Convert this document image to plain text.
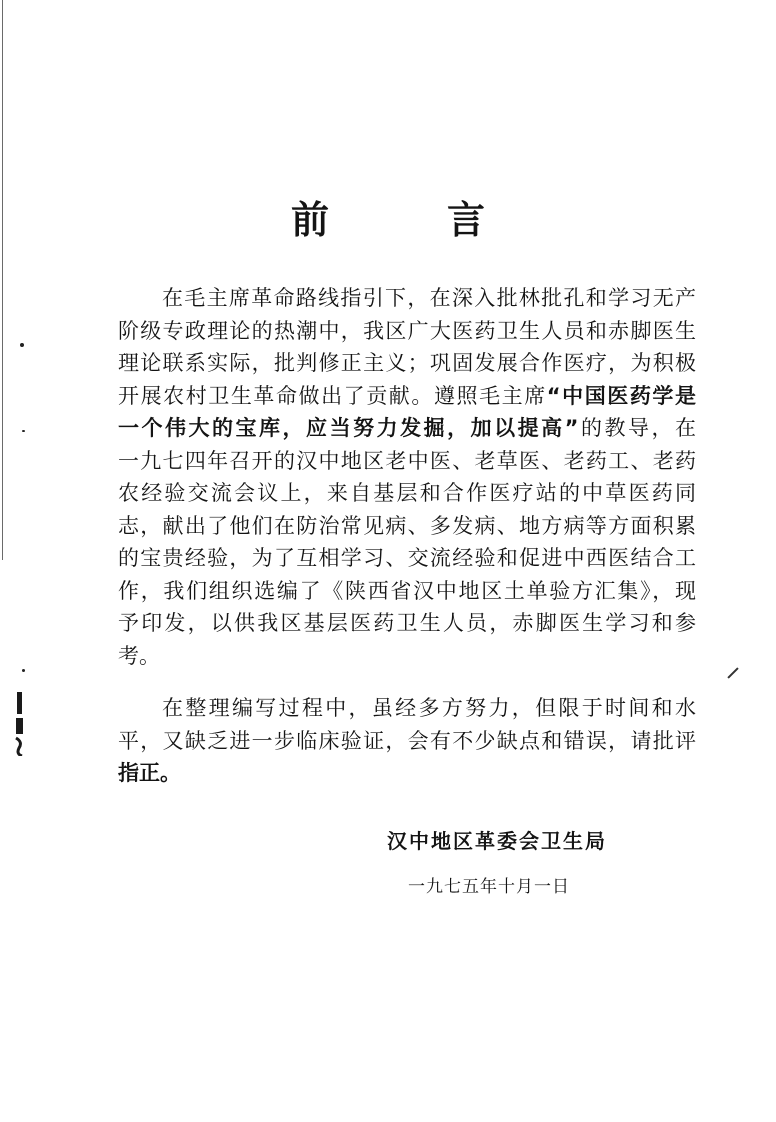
前	言
在毛主席革命路线指引下，在深入批林批孔和学习无产
阶级专政理论的热潮中，我区广大医药卫生人员和赤脚医生
理论联系实际，批判修正主义；巩固发展合作医疗，为积极
开展农村卫生革命做出了贡献。遵照毛主席“中国医药学是
一个伟大的宝库，应当努力发掘，加以提高”的教导，在
一九七四年召开的汉中地区老中医、老草医、老药工、老药
农经验交流会议上，来自基层和合作医疗站的中草医药同
志，献出了他们在防治常见病、多发病、地方病等方面积累
的宝贵经验，为了互相学习、交流经验和促进中西医结合工
作，我们组织选编了《陕西省汉中地区土单验方汇集》，现
予印发，以供我区基层医药卫生人员，赤脚医生学习和参
考。
在整理编写过程中，虽经多方努力，但限于时间和水
平，又缺乏进一步临床验证，会有不少缺点和错误，请批评
指正。
汉中地区革委会卫生局
一九七五年十月一日
